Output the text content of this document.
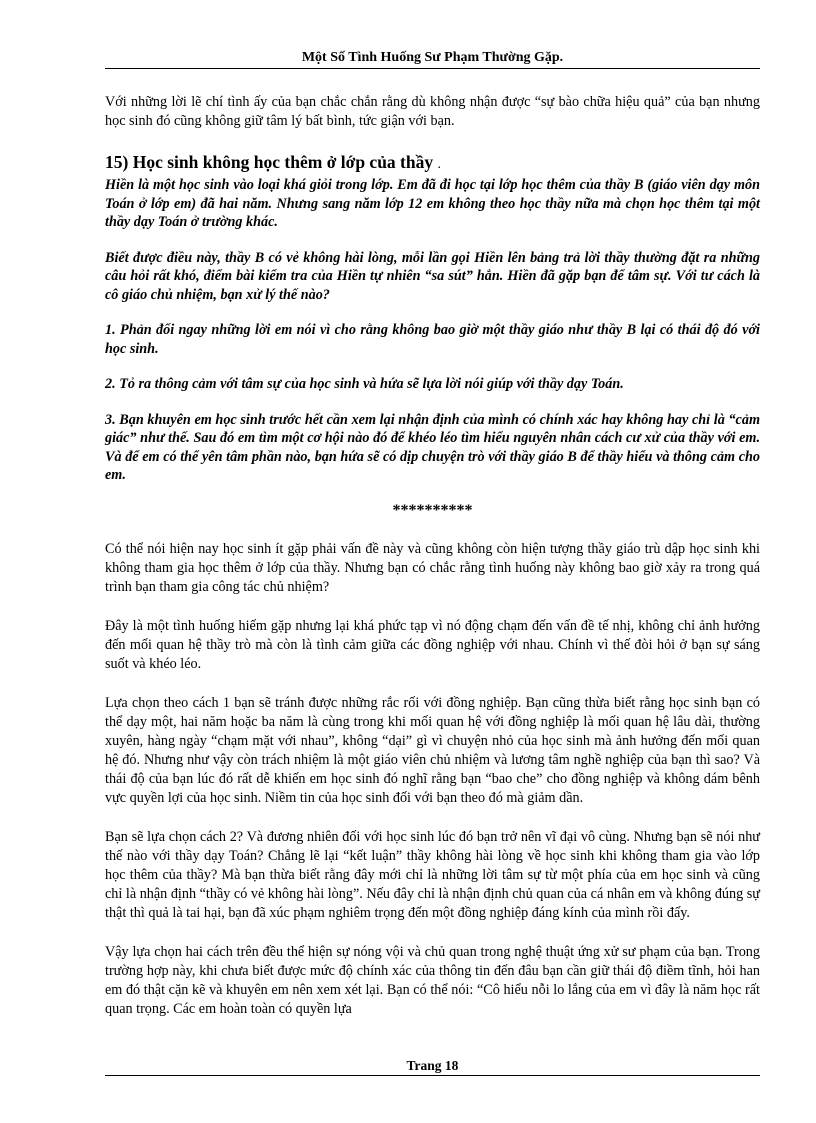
Một Số Tình Huống Sư Phạm Thường Gặp.

Với những lời lẽ chí tình ấy của bạn chắc chắn rằng dù không nhận được “sự bào chữa hiệu quả” của bạn nhưng học sinh đó cũng không giữ tâm lý bất bình, tức giận với bạn.

15) Học sinh không học thêm ở lớp của thầy .

Hiền là một học sinh vào loại khá giỏi trong lớp. Em đã đi học tại lớp học thêm của thầy B (giáo viên dạy môn Toán ở lớp em) đã hai năm. Nhưng sang năm lớp 12 em không theo học thầy nữa mà chọn học thêm tại một thầy dạy Toán ở trường khác.

Biết được điều này, thầy B có vẻ không hài lòng, mỗi lần gọi Hiền lên bảng trả lời thầy thường đặt ra những câu hỏi rất khó, điểm bài kiểm tra của Hiền tự nhiên “sa sút” hẳn. Hiền đã gặp bạn để tâm sự. Với tư cách là cô giáo chủ nhiệm, bạn xử lý thế nào?

1. Phản đối ngay những lời em nói vì cho rằng không bao giờ một thầy giáo như thầy B lại có thái độ đó với học sinh.

2. Tỏ ra thông cảm với tâm sự của học sinh và hứa sẽ lựa lời nói giúp với thầy dạy Toán.

3. Bạn khuyên em học sinh trước hết cần xem lại nhận định của mình có chính xác hay không hay chỉ là “cảm giác” như thế. Sau đó em tìm một cơ hội nào đó để khéo léo tìm hiểu nguyên nhân cách cư xử của thầy với em. Và để em có thể yên tâm phần nào, bạn hứa sẽ có dịp chuyện trò với thầy giáo B để thầy hiểu và thông cảm cho em.

**********

Có thể nói hiện nay học sinh ít gặp phải vấn đề này và cũng không còn hiện tượng thầy giáo trù dập học sinh khi không tham gia học thêm ở lớp của thầy. Nhưng bạn có chắc rằng tình huống này không bao giờ xảy ra trong quá trình bạn tham gia công tác chủ nhiệm?

Đây là một tình huống hiếm gặp nhưng lại khá phức tạp vì nó động chạm đến vấn đề tế nhị, không chỉ ảnh hưởng đến mối quan hệ thầy trò mà còn là tình cảm giữa các đồng nghiệp với nhau. Chính vì thế đòi hỏi ở bạn sự sáng suốt và khéo léo.

Lựa chọn theo cách 1 bạn sẽ tránh được những rắc rối với đồng nghiệp. Bạn cũng thừa biết rằng học sinh bạn có thể dạy một, hai năm hoặc ba năm là cùng trong khi mối quan hệ với đồng nghiệp là mối quan hệ lâu dài, thường xuyên, hàng ngày “chạm mặt với nhau”, không “dại” gì vì chuyện nhỏ của học sinh mà ảnh hưởng đến mối quan hệ đó. Nhưng như vậy còn trách nhiệm là một giáo viên chủ nhiệm và lương tâm nghề nghiệp của bạn thì sao? Và thái độ của bạn lúc đó rất dễ khiến em học sinh đó nghĩ rằng bạn “bao che” cho đồng nghiệp và không dám bênh vực quyền lợi của học sinh. Niềm tin của học sinh đối với bạn theo đó mà giảm dần.

Bạn sẽ lựa chọn cách 2? Và đương nhiên đối với học sinh lúc đó bạn trở nên vĩ đại vô cùng. Nhưng bạn sẽ nói như thế nào với thầy dạy Toán? Chẳng lẽ lại “kết luận” thầy không hài lòng về học sinh khi không tham gia vào lớp học thêm của thầy? Mà bạn thừa biết rằng đây mới chỉ là những lời tâm sự từ một phía của em học sinh và cũng chỉ là nhận định “thầy có vẻ không hài lòng”. Nếu đây chỉ là nhận định chủ quan của cá nhân em và không đúng sự thật thì quả là tai hại, bạn đã xúc phạm nghiêm trọng đến một đồng nghiệp đáng kính của mình rồi đấy.

Vậy lựa chọn hai cách trên đều thể hiện sự nóng vội và chủ quan trong nghệ thuật ứng xử sư phạm của bạn. Trong trường hợp này, khi chưa biết được mức độ chính xác của thông tin đến đâu bạn cần giữ thái độ điềm tĩnh, hỏi han em đó thật cặn kẽ và khuyên em nên xem xét lại. Bạn có thể nói: “Cô hiểu nỗi lo lắng của em vì đây là năm học rất quan trọng. Các em hoàn toàn có quyền lựa

Trang 18
